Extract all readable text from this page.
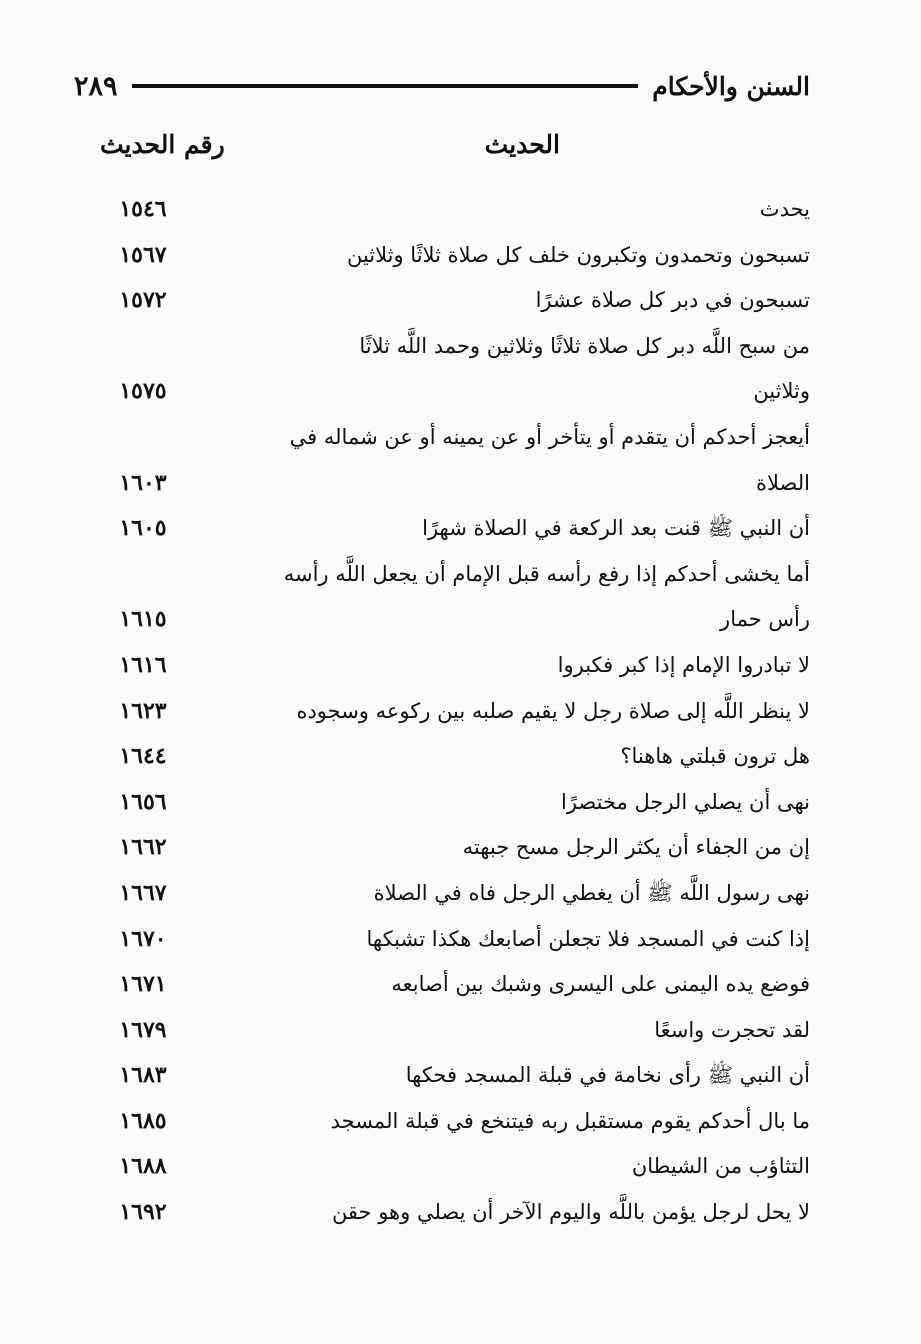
السنن والأحكام
٢٨٩
الحديث
رقم الحديث
يحدث
١٥٤٦
تسبحون وتحمدون وتكبرون خلف كل صلاة ثلاثًا وثلاثين
١٥٦٧
تسبحون في دبر كل صلاة عشرًا
١٥٧٢
من سبح اللَّه دبر كل صلاة ثلاثًا وثلاثين وحمد اللَّه ثلاثًا
وثلاثين
١٥٧٥
أيعجز أحدكم أن يتقدم أو يتأخر أو عن يمينه أو عن شماله في
الصلاة
١٦٠٣
أن النبي ﷺ قنت بعد الركعة في الصلاة شهرًا
١٦٠٥
أما يخشى أحدكم إذا رفع رأسه قبل الإمام أن يجعل اللَّه رأسه
رأس حمار
١٦١٥
لا تبادروا الإمام إذا كبر فكبروا
١٦١٦
لا ينظر اللَّه إلى صلاة رجل لا يقيم صلبه بين ركوعه وسجوده
١٦٢٣
هل ترون قبلتي هاهنا؟
١٦٤٤
نهى أن يصلي الرجل مختصرًا
١٦٥٦
إن من الجفاء أن يكثر الرجل مسح جبهته
١٦٦٢
نهى رسول اللَّه ﷺ أن يغطي الرجل فاه في الصلاة
١٦٦٧
إذا كنت في المسجد فلا تجعلن أصابعك هكذا تشبكها
١٦٧٠
فوضع يده اليمنى على اليسرى وشبك بين أصابعه
١٦٧١
لقد تحجرت واسعًا
١٦٧٩
أن النبي ﷺ رأى نخامة في قبلة المسجد فحكها
١٦٨٣
ما بال أحدكم يقوم مستقبل ربه فيتنخع في قبلة المسجد
١٦٨٥
التثاؤب من الشيطان
١٦٨٨
لا يحل لرجل يؤمن باللَّه واليوم الآخر أن يصلي وهو حقن
١٦٩٢
